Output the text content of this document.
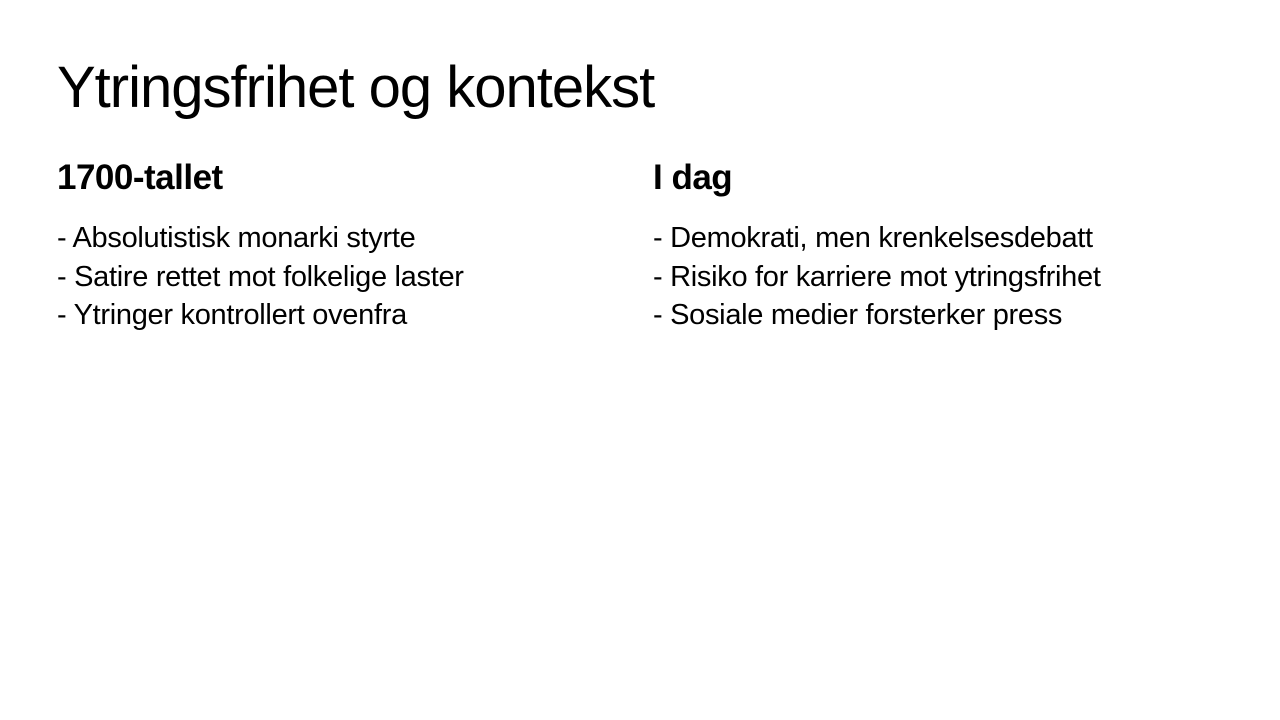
Ytringsfrihet og kontekst
1700-tallet
- Absolutistisk monarki styrte
- Satire rettet mot folkelige laster
- Ytringer kontrollert ovenfra
I dag
- Demokrati, men krenkelsesdebatt
- Risiko for karriere mot ytringsfrihet
- Sosiale medier forsterker press
